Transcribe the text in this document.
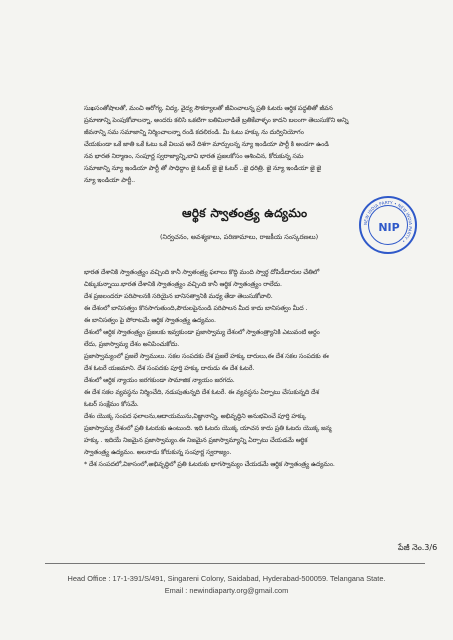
సుఖసంతోషాలతో, మంచి ఆరోగ్య, విద్య, వైద్య సౌకర్యాలతో జీవించాలన్న ప్రతి ఓటరు ఆర్థిక పద్ధతితో జీవన
ప్రమాణాన్ని పెంపుకోవాలన్నా, అందరు కలిసి ఒకటిగా బతిమిలాడితే బ్రతికేవాళ్ళం కాదని బలంగా తెలుసుకొని అన్ని
జీవనాన్ని సమ సమాజాన్ని నిర్మించాలన్నా రండి కదలిరండి. మీ ఓటు హక్కు ను దుర్వినియోగం
చేయకుండా ఒకే జాతి ఒకే ఓటు ఒకే విలువ అనే దిశగా మార్పులన్న న్యూ ఇండియా పార్టీ కి అండగా ఉండి
నవ భారత నిర్మాణం, సంపూర్ణ స్వరాజ్యాన్ని,బావి భారత ప్రజలకోసం ఆశించిన, కోరుకున్న సమ
సమాజాన్ని న్యూ ఇండియా పార్టీ తో సాధిద్దాం జై ఓటర్ జై జై ఓటర్ ..జై ధరిత్రి. జై న్యూ ఇండియా జై జై
న్యూ ఇండియా పార్టీ..
ఆర్థిక స్వాతంత్ర్య ఉద్యమం
(నిర్వచనం, అవశ్యకాలు, పరిణామాలు, రాజకీయ సంస్కరణలు)
NEW INDIA PARTY • NEW INDIA PARTY •
NIP
భారత దేశానికి స్వాతంత్ర్యం వచ్చింది కానీ స్వాతంత్ర్య ఫలాలు కొద్ది మంది స్వార్థ దోపిడీదారుల చేతిలో
చిక్కుకున్నాయి.భారత దేశానికి స్వాతంత్ర్యం వచ్చింది కానీ ఆర్థిక స్వాతంత్ర్యం రాలేదు.
దేశ ప్రజలందరూ పరిపాలనకి సరియైన బానిసత్వానికి మధ్య తేడా తెలుసుకోవాలి.
ఈ దేశంలో బానిసత్వం కొనసాగుతుంది,పౌరులపైనుండి పరిపాలన మీద కాదు బానిసత్వం మీద .
ఈ బానిసత్వం పై పోరాటమే ఆర్థిక స్వాతంత్ర్య ఉద్యమం.
దేశంలో ఆర్థిక స్వాతంత్ర్యం ప్రజలకు ఇవ్వకుండా ప్రజాస్వామ్య దేశంలో స్వాతంత్ర్యానికి ఎటువంటి అర్థం
లేదు, ప్రజాస్వామ్య దేశం అనిపించుకోదు.
ప్రజాస్వామ్యంలో ప్రజలే స్వాములు. సకల సంపదకు దేశ ప్రజలే హక్కు దారులు,ఈ దేశ సకల సంపదకు ఈ
దేశ ఓటరే యజమాని. దేశ సంపదకు పూర్తి హక్కు దారుడు ఈ దేశ ఓటరే.
దేశంలో ఆర్థిక న్యాయం జరగకుండా సామాజిక న్యాయం జరగదు.
ఈ దేశ సకల వ్యవస్థను నిర్మించేది, నడుపుతున్నది దేశ ఓటరే. ఈ వ్యవస్థను ఏర్పాటు చేసుకున్నది దేశ
ఓటర్ సంక్షేమం కోసమే.
దేశం యొక్క సంపద ఫలాలను,ఆదాయమును,విజ్ఞానాన్ని, అభివృద్ధిని అనుభవించే పూర్తి హక్కు
ప్రజాస్వామ్య దేశంలో ప్రతి ఓటరుకు ఉంటుంది. ఇది ఓటరు యొక్క యాచన కాదు ప్రతి ఓటరు యొక్క జన్మ
హక్కు . ఇదియే నిజమైన ప్రజాస్వామ్యం.ఈ నిజమైన ప్రజాస్వామ్యాన్ని ఏర్పాటు చేయడమే ఆర్థిక
స్వాతంత్ర్య ఉద్యమం. అలనాడు కోరుకున్న సంపూర్ణ స్వరాజ్యం.
* దేశ సంపదలో,వికాసంలో,అభివృద్ధిలో ప్రతి ఓటరుకు భాగస్వామ్యం చేయడమే ఆర్థిక స్వాతంత్ర్య ఉద్యమం.
పేజీ నెం.3/6
Head Office : 17-1-391/S/491, Singareni Colony, Saidabad, Hyderabad-500059. Telangana State.
Email : newindiaparty.org@gmail.com
